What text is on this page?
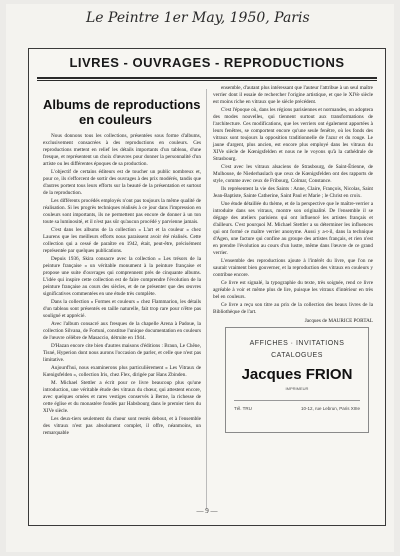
Le Peintre 1er May, 1950, Paris
LIVRES - OUVRAGES - REPRODUCTIONS
Albums de reproductions
en couleurs

Nous donnons tous les collections, présentées sous forme d'albums, exclusivement consacrées à des reproductions en couleurs. Ces reproductions mettent en relief les détails importants d'un tableau, d'une fresque, et représentent un choix d'œuvres pour donner la personnalité d'un artiste ou les différentes époques de sa production.

L'objectif de certains éditeurs est de toucher un public nombreux et, pour ce, ils s'efforcent de sortir des ouvrages à des prix modérés, tandis que d'autres portent tous leurs efforts sur la beauté de la présentation et surtout de la reproduction.

Les différents procédés employés n'ont pas toujours la même qualité de réalisation. Si les progrès techniques réalisés à ce jour dans l'impression en couleurs sont importants, ils ne permettent pas encore de donner à un ton toute sa luminosité, et il n'est pas sûr qu'aucun procédé y parvienne jamais.

C'est dans les albums de la collection « L'art et la couleur » chez Laurens que les meilleurs efforts nous paraissent avoir été réalisés. Cette collection qui a cessé de paraître en 1942, était, peut-être, précisément représentée par quelques publications.

Depuis 1936, Skira consacre avec la collection « Les trésors de la peinture française » un véritable monument à la peinture française et propose une suite d'ouvrages qui comprennent près de cinquante albums. L'idée qui inspire cette collection est de faire comprendre l'évolution de la peinture française au cours des siècles, et de ne présenter que des œuvres significatives commentées en une étude très complète.

Dans la collection « Formes et couleurs » chez Flammarion, les détails d'un tableau sont présentés en taille naturelle, fait trop rare pour n'être pas souligné et apprécié.

Avec l'album consacré aux fresques de la chapelle Arena à Padoue, la collection Silvana, de Fortuni, constitue l'unique documentation en couleurs de l'œuvre célèbre de Masaccio, détruite en 1944.

D'Hazan encore cite bien d'autres maisons d'éditions : Braun, Le Chêne, Tisné, Hyperion dont nous aurons l'occasion de parler, et celle que n'est pas limitative.

Aujourd'hui, nous examinerons plus particulièrement « Les Vitraux de Kœnigsfelden », collection Iris, chez Flex, dirigée par Hans Zbinden.

M. Michael Stettler a écrit pour ce livre beaucoup plus qu'une introduction, une véritable étude des vitraux du chœur, qui attestent encore, avec quelques ornées et rares vestiges conservés à Berne, la richesse de cette église et du monastère fondés par Habsbourg dans le premier tiers du XIVe siècle.

Les deux-tiers seulement du chœur sont restés debout, et à l'ensemble des vitraux n'est pas absolument complet, il offre, néanmoins, un remarquable

ensemble, d'autant plus intéressant que l'auteur l'attribue à un seul maître verrier dont il essaie de rechercher l'origine artistique, et que le XIVe siècle est moins riche en vitraux que le siècle précédent.

C'est l'époque où, dans les régions parisiennes et normandes, on adoptera des modes nouvelles, qui tiennent surtout aux transformations de l'architecture. Ces modifications, que les verriers ont également apportées à leurs fenêtres, se comportent encore qu'une seule fenêtre, où les fonds des vitraux sont toujours la opposition traditionnelle de l'azur et du rouge. Le jaune d'argent, plus ancien, est encore plus employé dans les vitraux du XIVe siècle de Kœnigsfelden et nous ne le voyons qu'à la cathédrale de Strasbourg.

C'est avec les vitraux alsaciens de Strasbourg, de Saint-Étienne, de Mulhouse, de Niederhaslach que ceux de Kœnigsfelden ont des rapports de style, comme avec ceux de Fribourg, Colmar, Constance.

Ils représentent la vie des Saints : Anne, Claire, François, Nicolas, Saint Jean-Baptiste, Sainte Catherine, Saint Paul et Marie ; le Christ en croix.

Une étude détaillée du thème, et de la perspective que le maître-verrier a introduite dans ses vitraux, montre son originalité. De l'ensemble il se dégage des ateliers parisiens qui ont influencé les artistes français et d'ailleurs. C'est pourquoi M. Michael Stettler a su déterminer les influences qui ont formé ce maître verrier anonyme. Aussi y a-t-il, dans la technique d'Agen, une facture qui confine au groupe des artistes français, et rien n'est en prendre l'évolution au cours d'un lustre, même dans l'œuvre de ce grand verrier.

L'ensemble des reproductions ajoute à l'intérêt du livre, que l'on ne saurait vraiment bien gouverner, et la reproduction des vitraux en couleurs y contribue encore.

Ce livre est signalé, la typographie du texte, très soignée, rend ce livre agréable à voir et même plus de lire, puisque les vitraux d'intérieur en très bel en couleurs.

Ce livre a reçu son titre au prix de la collection des beaux livres de la Bibliothèque de l'art.

Jacques de MAURICE PORTAL
AFFICHES · INVITATIONS
CATALOGUES
Jacques FRION
IMPRIMEUR
Tél. TRU	10-12, rue Lebrun, Paris XIIIe
— 9 —
